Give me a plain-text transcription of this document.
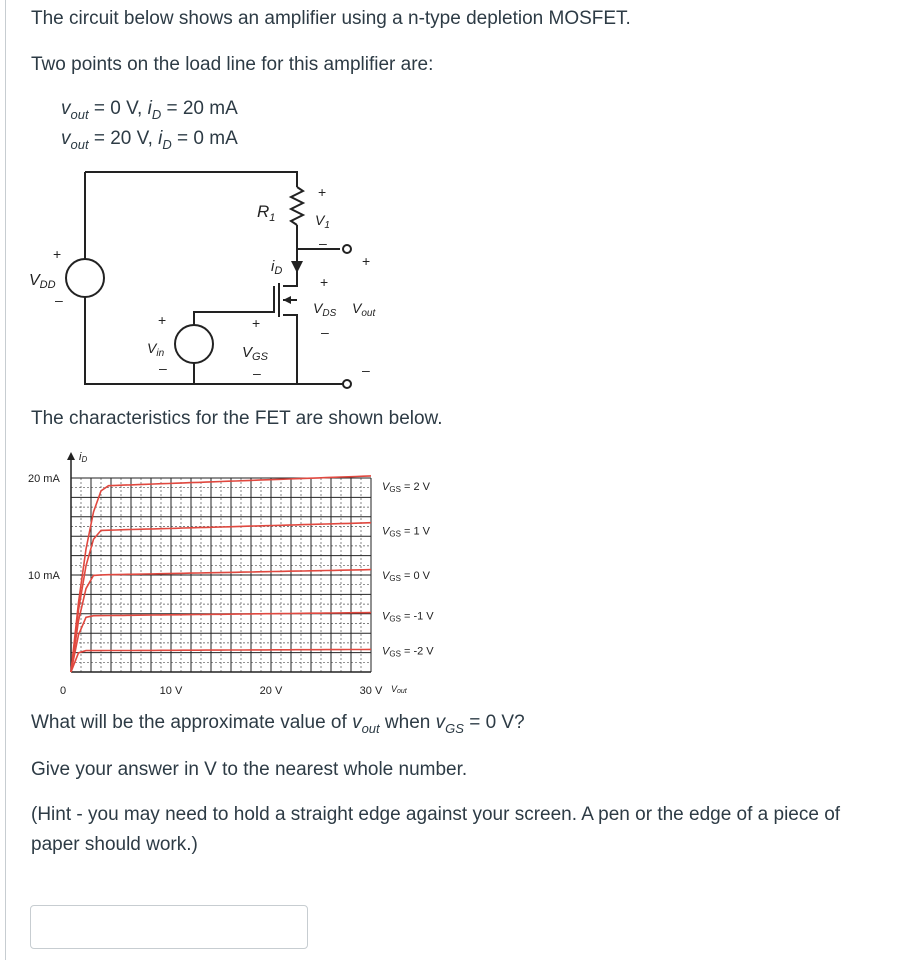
The circuit below shows an amplifier using a n-type depletion MOSFET.

Two points on the load line for this amplifier are:

$v_{out} = 0$ V, $i_D = 20$ mA
$v_{out} = 20$ V, $i_D = 0$ mA
VDD
+
–
$V_{in}$
+
–
$V_{GS}$
+
–
$R_1$	$V_1$
+
–
$i_D$
+
$V_{DS}$
–
+
$V_{out}$
–

The characteristics for the FET are shown below.

VGS = 2 V
VGS = 1 V
VGS = 0 V
VGS = -1 V
VGS = -2 V
0	10 V	20 V	30 V
10 mA
20 mA
iD
Vout
What will be the approximate value of $v_{out}$ when $v_{GS} = 0$ V?

Give your answer in V to the nearest whole number.

(Hint - you may need to hold a straight edge against your screen. A pen or the edge of a piece of paper should work.)
